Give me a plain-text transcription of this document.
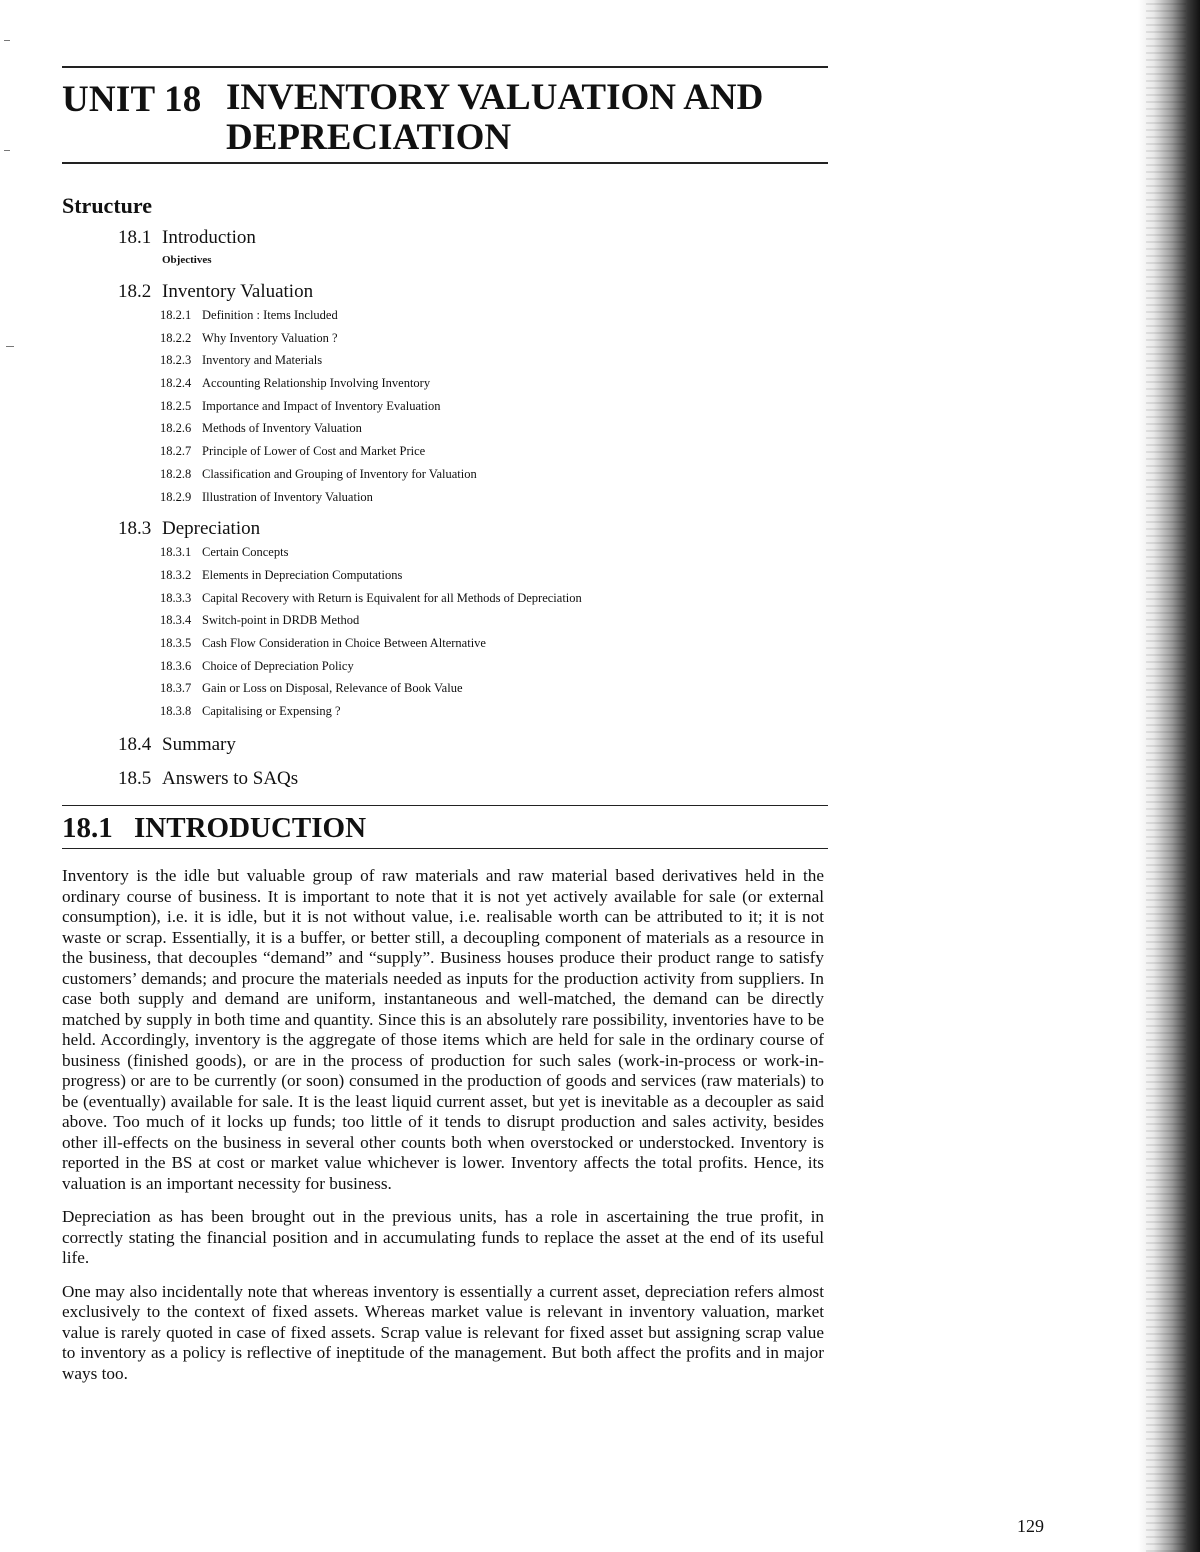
UNIT 18 INVENTORY VALUATION AND
DEPRECIATION
Structure
18.1 Introduction
Objectives
18.2 Inventory Valuation
18.2.1 Definition : Items Included
18.2.2 Why Inventory Valuation ?
18.2.3 Inventory and Materials
18.2.4 Accounting Relationship Involving Inventory
18.2.5 Importance and Impact of Inventory Evaluation
18.2.6 Methods of Inventory Valuation
18.2.7 Principle of Lower of Cost and Market Price
18.2.8 Classification and Grouping of Inventory for Valuation
18.2.9 Illustration of Inventory Valuation
18.3 Depreciation
18.3.1 Certain Concepts
18.3.2 Elements in Depreciation Computations
18.3.3 Capital Recovery with Return is Equivalent for all Methods of Depreciation
18.3.4 Switch-point in DRDB Method
18.3.5 Cash Flow Consideration in Choice Between Alternative
18.3.6 Choice of Depreciation Policy
18.3.7 Gain or Loss on Disposal, Relevance of Book Value
18.3.8 Capitalising or Expensing ?
18.4 Summary
18.5 Answers to SAQs
18.1 INTRODUCTION

Inventory is the idle but valuable group of raw materials and raw material based derivatives held in the ordinary course of business. It is important to note that it is not yet actively available for sale (or external consumption), i.e. it is idle, but it is not without value, i.e. realisable worth can be attributed to it; it is not waste or scrap. Essentially, it is a buffer, or better still, a decoupling component of materials as a resource in the business, that decouples “demand” and “supply”. Business houses produce their product range to satisfy customers’ demands; and procure the materials needed as inputs for the production activity from suppliers. In case both supply and demand are uniform, instantaneous and well-matched, the demand can be directly matched by supply in both time and quantity. Since this is an absolutely rare possibility, inventories have to be held. Accordingly, inventory is the aggregate of those items which are held for sale in the ordinary course of business (finished goods), or are in the process of production for such sales (work-in-process or work-in-progress) or are to be currently (or soon) consumed in the production of goods and services (raw materials) to be (eventually) available for sale. It is the least liquid current asset, but yet is inevitable as a decoupler as said above. Too much of it locks up funds; too little of it tends to disrupt production and sales activity, besides other ill-effects on the business in several other counts both when overstocked or understocked. Inventory is reported in the BS at cost or market value whichever is lower. Inventory affects the total profits. Hence, its valuation is an important necessity for business.

Depreciation as has been brought out in the previous units, has a role in ascertaining the true profit, in correctly stating the financial position and in accumulating funds to replace the asset at the end of its useful life.

One may also incidentally note that whereas inventory is essentially a current asset, depreciation refers almost exclusively to the context of fixed assets. Whereas market value is relevant in inventory valuation, market value is rarely quoted in case of fixed assets. Scrap value is relevant for fixed asset but assigning scrap value to inventory as a policy is reflective of ineptitude of the management. But both affect the profits and in major ways too.

129
